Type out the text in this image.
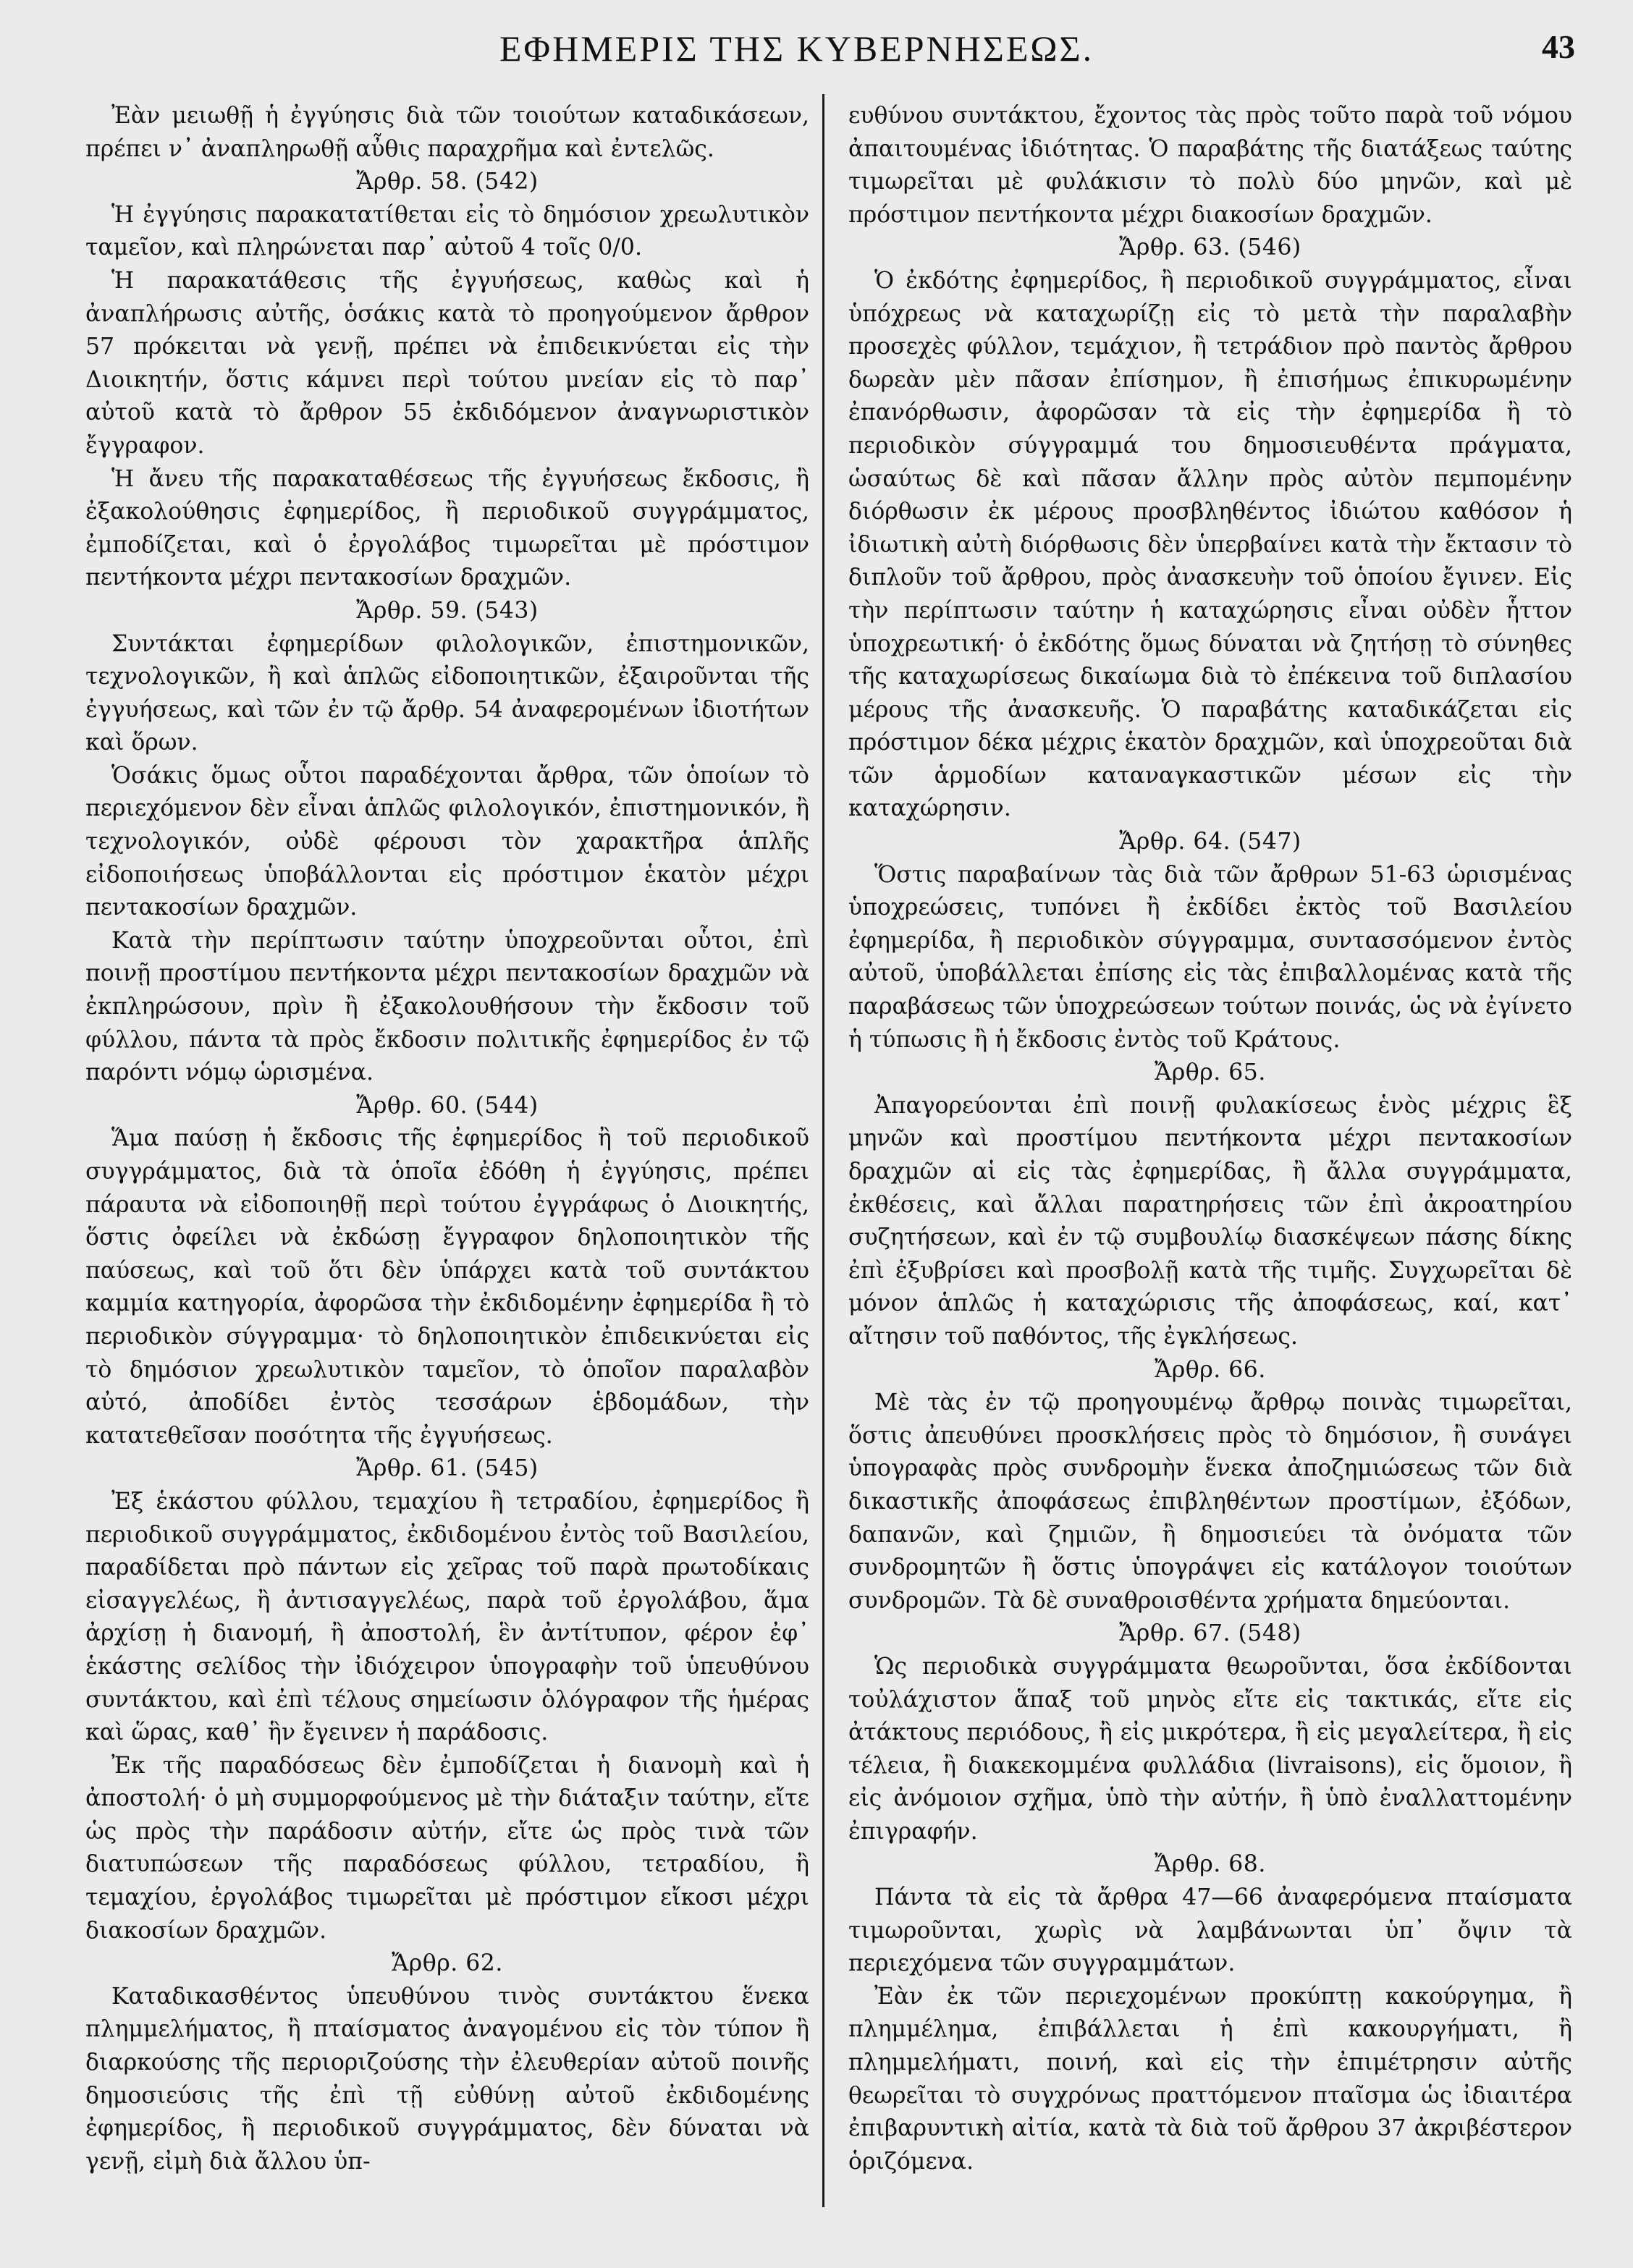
ΕΦΗΜΕΡΙΣ ΤΗΣ ΚΥΒΕΡΝΗΣΕΩΣ.	43

Ἐὰν μειωθῇ ἡ ἐγγύησις διὰ τῶν τοιούτων καταδικάσεων, πρέπει ν᾽ ἀναπληρωθῇ αὖθις παραχρῆμα καὶ ἐντελῶς.

Ἄρθρ. 58. (542)

Ἡ ἐγγύησις παρακατατίθεται εἰς τὸ δημόσιον χρεωλυτικὸν ταμεῖον, καὶ πληρώνεται παρ᾽ αὐτοῦ 4 τοῖς 0/0.

Ἡ παρακατάθεσις τῆς ἐγγυήσεως, καθὼς καὶ ἡ ἀναπλήρωσις αὐτῆς, ὁσάκις κατὰ τὸ προηγούμενον ἄρθρον 57 πρόκειται νὰ γενῇ, πρέπει νὰ ἐπιδεικνύεται εἰς τὴν Διοικητήν, ὅστις κάμνει περὶ τούτου μνείαν εἰς τὸ παρ᾽ αὐτοῦ κατὰ τὸ ἄρθρον 55 ἐκδιδόμενον ἀναγνωριστικὸν ἔγγραφον.

Ἡ ἄνευ τῆς παρακαταθέσεως τῆς ἐγγυήσεως ἔκδοσις, ἢ ἐξακολούθησις ἐφημερίδος, ἢ περιοδικοῦ συγγράμματος, ἐμποδίζεται, καὶ ὁ ἐργολάβος τιμωρεῖται μὲ πρόστιμον πεντήκοντα μέχρι πεντακοσίων δραχμῶν.

Ἄρθρ. 59. (543)

Συντάκται ἐφημερίδων φιλολογικῶν, ἐπιστημονικῶν, τεχνολογικῶν, ἢ καὶ ἁπλῶς εἰδοποιητικῶν, ἐξαιροῦνται τῆς ἐγγυήσεως, καὶ τῶν ἐν τῷ ἄρθρ. 54 ἀναφερομένων ἰδιοτήτων καὶ ὅρων.

Ὁσάκις ὅμως οὗτοι παραδέχονται ἄρθρα, τῶν ὁποίων τὸ περιεχόμενον δὲν εἶναι ἁπλῶς φιλολογικόν, ἐπιστημονικόν, ἢ τεχνολογικόν, οὐδὲ φέρουσι τὸν χαρακτῆρα ἁπλῆς εἰδοποιήσεως ὑποβάλλονται εἰς πρόστιμον ἑκατὸν μέχρι πεντακοσίων δραχμῶν.

Κατὰ τὴν περίπτωσιν ταύτην ὑποχρεοῦνται οὗτοι, ἐπὶ ποινῇ προστίμου πεντήκοντα μέχρι πεντακοσίων δραχμῶν νὰ ἐκπληρώσουν, πρὶν ἢ ἐξακολουθήσουν τὴν ἔκδοσιν τοῦ φύλλου, πάντα τὰ πρὸς ἔκδοσιν πολιτικῆς ἐφημερίδος ἐν τῷ παρόντι νόμῳ ὡρισμένα.

Ἄρθρ. 60. (544)

Ἅμα παύσῃ ἡ ἔκδοσις τῆς ἐφημερίδος ἢ τοῦ περιοδικοῦ συγγράμματος, διὰ τὰ ὁποῖα ἐδόθη ἡ ἐγγύησις, πρέπει πάραυτα νὰ εἰδοποιηθῇ περὶ τούτου ἐγγράφως ὁ Διοικητής, ὅστις ὀφείλει νὰ ἐκδώσῃ ἔγγραφον δηλοποιητικὸν τῆς παύσεως, καὶ τοῦ ὅτι δὲν ὑπάρχει κατὰ τοῦ συντάκτου καμμία κατηγορία, ἀφορῶσα τὴν ἐκδιδομένην ἐφημερίδα ἢ τὸ περιοδικὸν σύγγραμμα· τὸ δηλοποιητικὸν ἐπιδεικνύεται εἰς τὸ δημόσιον χρεωλυτικὸν ταμεῖον, τὸ ὁποῖον παραλαβὸν αὐτό, ἀποδίδει ἐντὸς τεσσάρων ἑβδομάδων, τὴν κατατεθεῖσαν ποσότητα τῆς ἐγγυήσεως.

Ἄρθρ. 61. (545)

Ἐξ ἑκάστου φύλλου, τεμαχίου ἢ τετραδίου, ἐφημερίδος ἢ περιοδικοῦ συγγράμματος, ἐκδιδομένου ἐντὸς τοῦ Βασιλείου, παραδίδεται πρὸ πάντων εἰς χεῖρας τοῦ παρὰ πρωτοδίκαις εἰσαγγελέως, ἢ ἀντισαγγελέως, παρὰ τοῦ ἐργολάβου, ἅμα ἀρχίσῃ ἡ διανομή, ἢ ἀποστολή, ἓν ἀντίτυπον, φέρον ἐφ᾽ ἑκάστης σελίδος τὴν ἰδιόχειρον ὑπογραφὴν τοῦ ὑπευθύνου συντάκτου, καὶ ἐπὶ τέλους σημείωσιν ὁλόγραφον τῆς ἡμέρας καὶ ὥρας, καθ᾽ ἣν ἔγεινεν ἡ παράδοσις.

Ἐκ τῆς παραδόσεως δὲν ἐμποδίζεται ἡ διανομὴ καὶ ἡ ἀποστολή· ὁ μὴ συμμορφούμενος μὲ τὴν διάταξιν ταύτην, εἴτε ὡς πρὸς τὴν παράδοσιν αὐτήν, εἴτε ὡς πρὸς τινὰ τῶν διατυπώσεων τῆς παραδόσεως φύλλου, τετραδίου, ἢ τεμαχίου, ἐργολάβος τιμωρεῖται μὲ πρόστιμον εἴκοσι μέχρι διακοσίων δραχμῶν.

Ἄρθρ. 62.

Καταδικασθέντος ὑπευθύνου τινὸς συντάκτου ἕνεκα πλημμελήματος, ἢ πταίσματος ἀναγομένου εἰς τὸν τύπον ἢ διαρκούσης τῆς περιοριζούσης τὴν ἐλευθερίαν αὐτοῦ ποινῆς δημοσιεύσις τῆς ἐπὶ τῇ εὐθύνῃ αὐτοῦ ἐκδιδομένης ἐφημερίδος, ἢ περιοδικοῦ συγγράμματος, δὲν δύναται νὰ γενῇ, εἰμὴ διὰ ἄλλου ὑπ-

ευθύνου συντάκτου, ἔχοντος τὰς πρὸς τοῦτο παρὰ τοῦ νόμου ἀπαιτουμένας ἰδιότητας. Ὁ παραβάτης τῆς διατάξεως ταύτης τιμωρεῖται μὲ φυλάκισιν τὸ πολὺ δύο μηνῶν, καὶ μὲ πρόστιμον πεντήκοντα μέχρι διακοσίων δραχμῶν.

Ἄρθρ. 63. (546)

Ὁ ἐκδότης ἐφημερίδος, ἢ περιοδικοῦ συγγράμματος, εἶναι ὑπόχρεως νὰ καταχωρίζῃ εἰς τὸ μετὰ τὴν παραλαβὴν προσεχὲς φύλλον, τεμάχιον, ἢ τετράδιον πρὸ παντὸς ἄρθρου δωρεὰν μὲν πᾶσαν ἐπίσημον, ἢ ἐπισήμως ἐπικυρωμένην ἐπανόρθωσιν, ἀφορῶσαν τὰ εἰς τὴν ἐφημερίδα ἢ τὸ περιοδικὸν σύγγραμμά του δημοσιευθέντα πράγματα, ὡσαύτως δὲ καὶ πᾶσαν ἄλλην πρὸς αὐτὸν πεμπομένην διόρθωσιν ἐκ μέρους προσβληθέντος ἰδιώτου καθόσον ἡ ἰδιωτικὴ αὐτὴ διόρθωσις δὲν ὑπερβαίνει κατὰ τὴν ἔκτασιν τὸ διπλοῦν τοῦ ἄρθρου, πρὸς ἀνασκευὴν τοῦ ὁποίου ἔγινεν. Εἰς τὴν περίπτωσιν ταύτην ἡ καταχώρησις εἶναι οὐδὲν ἧττον ὑποχρεωτική· ὁ ἐκδότης ὅμως δύναται νὰ ζητήσῃ τὸ σύνηθες τῆς καταχωρίσεως δικαίωμα διὰ τὸ ἐπέκεινα τοῦ διπλασίου μέρους τῆς ἀνασκευῆς. Ὁ παραβάτης καταδικάζεται εἰς πρόστιμον δέκα μέχρις ἑκατὸν δραχμῶν, καὶ ὑποχρεοῦται διὰ τῶν ἁρμοδίων καταναγκαστικῶν μέσων εἰς τὴν καταχώρησιν.

Ἄρθρ. 64. (547)

Ὅστις παραβαίνων τὰς διὰ τῶν ἄρθρων 51-63 ὡρισμένας ὑποχρεώσεις, τυπόνει ἢ ἐκδίδει ἐκτὸς τοῦ Βασιλείου ἐφημερίδα, ἢ περιοδικὸν σύγγραμμα, συντασσόμενον ἐντὸς αὐτοῦ, ὑποβάλλεται ἐπίσης εἰς τὰς ἐπιβαλλομένας κατὰ τῆς παραβάσεως τῶν ὑποχρεώσεων τούτων ποινάς, ὡς νὰ ἐγίνετο ἡ τύπωσις ἢ ἡ ἔκδοσις ἐντὸς τοῦ Κράτους.

Ἄρθρ. 65.

Ἀπαγορεύονται ἐπὶ ποινῇ φυλακίσεως ἑνὸς μέχρις ἓξ μηνῶν καὶ προστίμου πεντήκοντα μέχρι πεντακοσίων δραχμῶν αἱ εἰς τὰς ἐφημερίδας, ἢ ἄλλα συγγράμματα, ἐκθέσεις, καὶ ἄλλαι παρατηρήσεις τῶν ἐπὶ ἀκροατηρίου συζητήσεων, καὶ ἐν τῷ συμβουλίῳ διασκέψεων πάσης δίκης ἐπὶ ἐξυβρίσει καὶ προσβολῇ κατὰ τῆς τιμῆς. Συγχωρεῖται δὲ μόνον ἁπλῶς ἡ καταχώρισις τῆς ἀποφάσεως, καί, κατ᾽ αἴτησιν τοῦ παθόντος, τῆς ἐγκλήσεως.

Ἄρθρ. 66.

Μὲ τὰς ἐν τῷ προηγουμένῳ ἄρθρῳ ποινὰς τιμωρεῖται, ὅστις ἀπευθύνει προσκλήσεις πρὸς τὸ δημόσιον, ἢ συνάγει ὑπογραφὰς πρὸς συνδρομὴν ἕνεκα ἀποζημιώσεως τῶν διὰ δικαστικῆς ἀποφάσεως ἐπιβληθέντων προστίμων, ἐξόδων, δαπανῶν, καὶ ζημιῶν, ἢ δημοσιεύει τὰ ὀνόματα τῶν συνδρομητῶν ἢ ὅστις ὑπογράψει εἰς κατάλογον τοιούτων συνδρομῶν. Τὰ δὲ συναθροισθέντα χρήματα δημεύονται.

Ἄρθρ. 67. (548)

Ὡς περιοδικὰ συγγράμματα θεωροῦνται, ὅσα ἐκδίδονται τοὐλάχιστον ἅπαξ τοῦ μηνὸς εἴτε εἰς τακτικάς, εἴτε εἰς ἀτάκτους περιόδους, ἢ εἰς μικρότερα, ἢ εἰς μεγαλείτερα, ἢ εἰς τέλεια, ἢ διακεκομμένα φυλλάδια (livraisons), εἰς ὅμοιον, ἢ εἰς ἀνόμοιον σχῆμα, ὑπὸ τὴν αὐτήν, ἢ ὑπὸ ἐναλλαττομένην ἐπιγραφήν.

Ἄρθρ. 68.

Πάντα τὰ εἰς τὰ ἄρθρα 47—66 ἀναφερόμενα πταίσματα τιμωροῦνται, χωρὶς νὰ λαμβάνωνται ὑπ᾽ ὄψιν τὰ περιεχόμενα τῶν συγγραμμάτων.

Ἐὰν ἐκ τῶν περιεχομένων προκύπτῃ κακούργημα, ἢ πλημμέλημα, ἐπιβάλλεται ἡ ἐπὶ κακουργήματι, ἢ πλημμελήματι, ποινή, καὶ εἰς τὴν ἐπιμέτρησιν αὐτῆς θεωρεῖται τὸ συγχρόνως πραττόμενον πταῖσμα ὡς ἰδιαιτέρα ἐπιβαρυντικὴ αἰτία, κατὰ τὰ διὰ τοῦ ἄρθρου 37 ἀκριβέστερον ὁριζόμενα.
